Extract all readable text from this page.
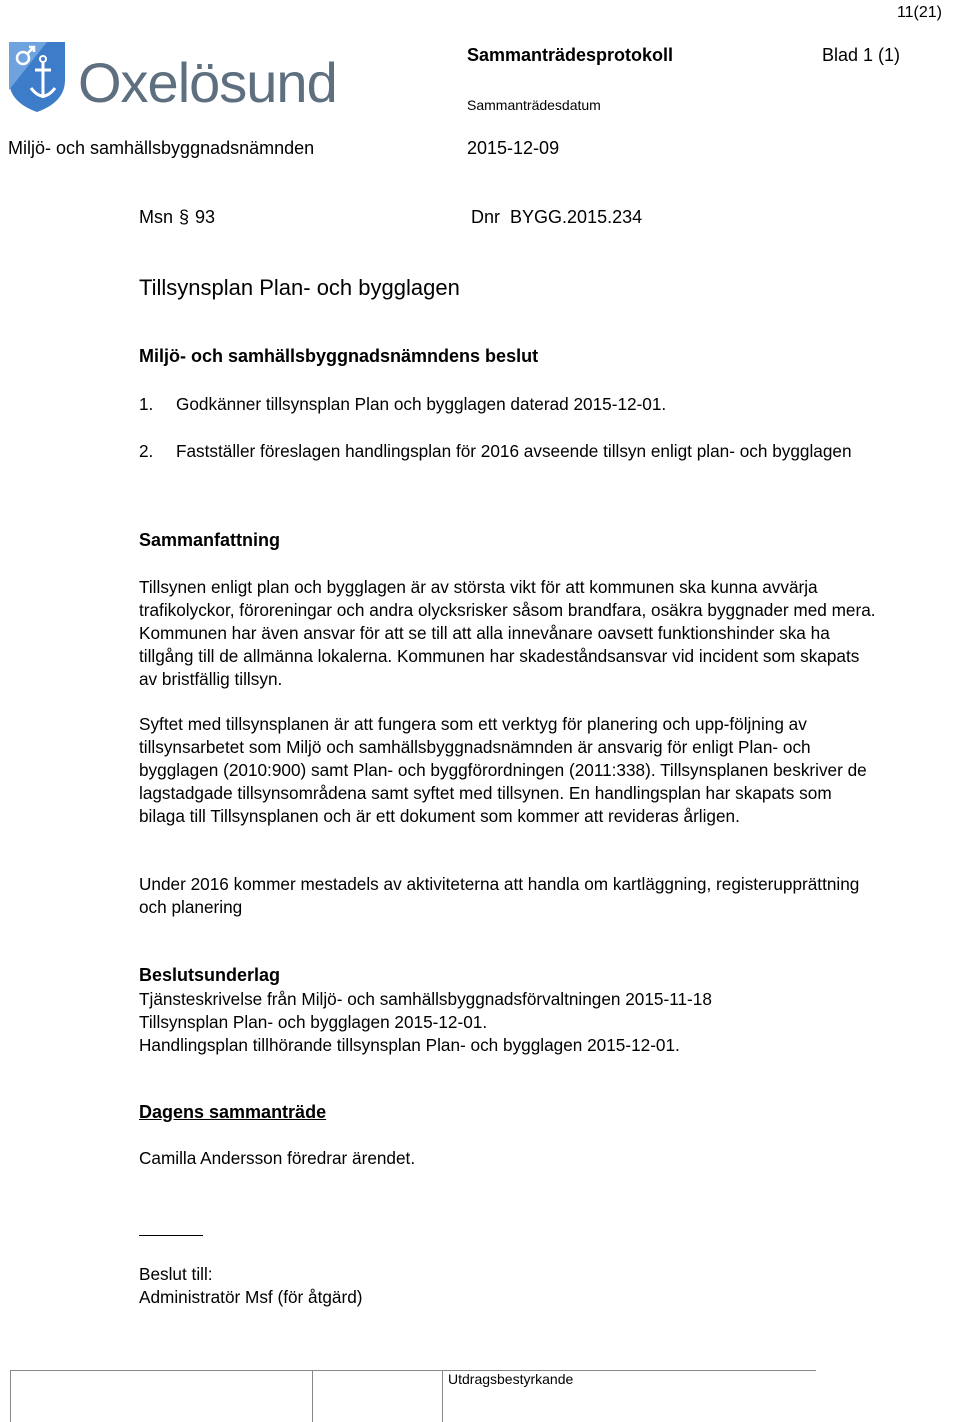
11(21)
Oxelösund	Sammanträdesprotokoll	Blad 1 (1)
Sammanträdesdatum
Miljö- och samhällsbyggnadsnämnden	2015-12-09
Msn § 93	Dnr BYGG.2015.234
Tillsynsplan Plan- och bygglagen
Miljö- och samhällsbyggnadsnämndens beslut
1. Godkänner tillsynsplan Plan och bygglagen daterad 2015-12-01.
2. Fastställer föreslagen handlingsplan för 2016 avseende tillsyn enligt plan- och bygglagen
Sammanfattning
Tillsynen enligt plan och bygglagen är av största vikt för att kommunen ska kunna avvärja trafikolyckor, föroreningar och andra olycksrisker såsom brandfara, osäkra byggnader med mera. Kommunen har även ansvar för att se till att alla innevånare oavsett funktionshinder ska ha tillgång till de allmänna lokalerna. Kommunen har skadeståndsansvar vid incident som skapats av bristfällig tillsyn.
Syftet med tillsynsplanen är att fungera som ett verktyg för planering och upp-följning av tillsynsarbetet som Miljö och samhällsbyggnadsnämnden är ansvarig för enligt Plan- och bygglagen (2010:900) samt Plan- och byggförordningen (2011:338). Tillsynsplanen beskriver de lagstadgade tillsynsområdena samt syftet med tillsynen. En handlingsplan har skapats som bilaga till Tillsynsplanen och är ett dokument som kommer att revideras årligen.
Under 2016 kommer mestadels av aktiviteterna att handla om kartläggning, registerupprättning och planering
Beslutsunderlag
Tjänsteskrivelse från Miljö- och samhällsbyggnadsförvaltningen 2015-11-18
Tillsynsplan Plan- och bygglagen 2015-12-01.
Handlingsplan tillhörande tillsynsplan Plan- och bygglagen 2015-12-01.
Dagens sammanträde
Camilla Andersson föredrar ärendet.
Beslut till:
Administratör Msf (för åtgärd)
Utdragsbestyrkande
